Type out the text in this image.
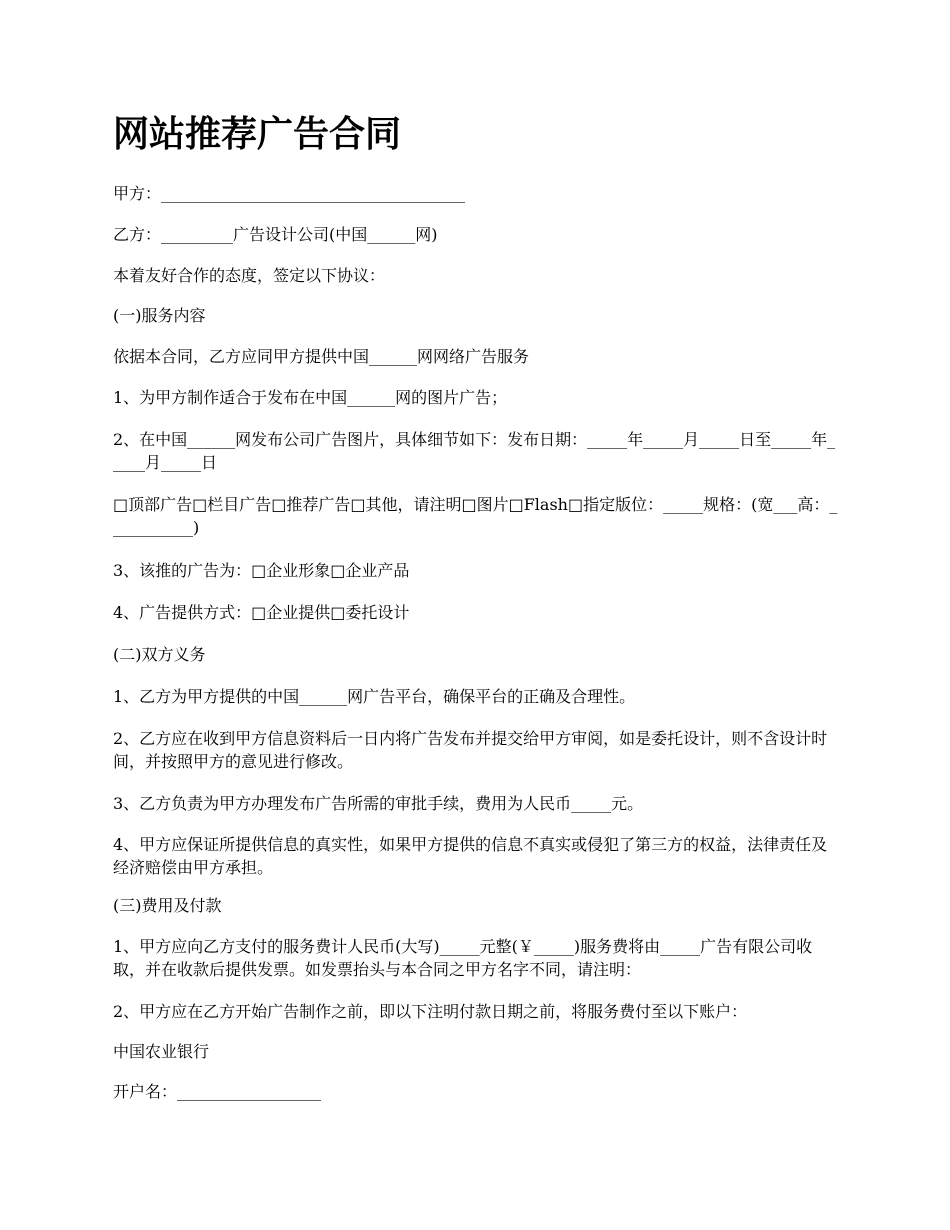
网站推荐广告合同

甲方：______________________________________

乙方：_________广告设计公司(中国______网)

本着友好合作的态度，签定以下协议：

(一)服务内容

依据本合同，乙方应同甲方提供中国______网网络广告服务

1、为甲方制作适合于发布在中国______网的图片广告；

2、在中国______网发布公司广告图片，具体细节如下：发布日期：_____年_____月_____日至_____年_____月_____日

□顶部广告□栏目广告□推荐广告□其他，请注明□图片□Flash□指定版位：_____规格：(宽___高：___________)

3、该推的广告为：□企业形象□企业产品

4、广告提供方式：□企业提供□委托设计

(二)双方义务

1、乙方为甲方提供的中国______网广告平台，确保平台的正确及合理性。

2、乙方应在收到甲方信息资料后一日内将广告发布并提交给甲方审阅，如是委托设计，则不含设计时间，并按照甲方的意见进行修改。

3、乙方负责为甲方办理发布广告所需的审批手续，费用为人民币_____元。

4、甲方应保证所提供信息的真实性，如果甲方提供的信息不真实或侵犯了第三方的权益，法律责任及经济赔偿由甲方承担。

(三)费用及付款

1、甲方应向乙方支付的服务费计人民币(大写)_____元整(￥_____)服务费将由_____广告有限公司收取，并在收款后提供发票。如发票抬头与本合同之甲方名字不同，请注明：

2、甲方应在乙方开始广告制作之前，即以下注明付款日期之前，将服务费付至以下账户：

中国农业银行

开户名：__________________
